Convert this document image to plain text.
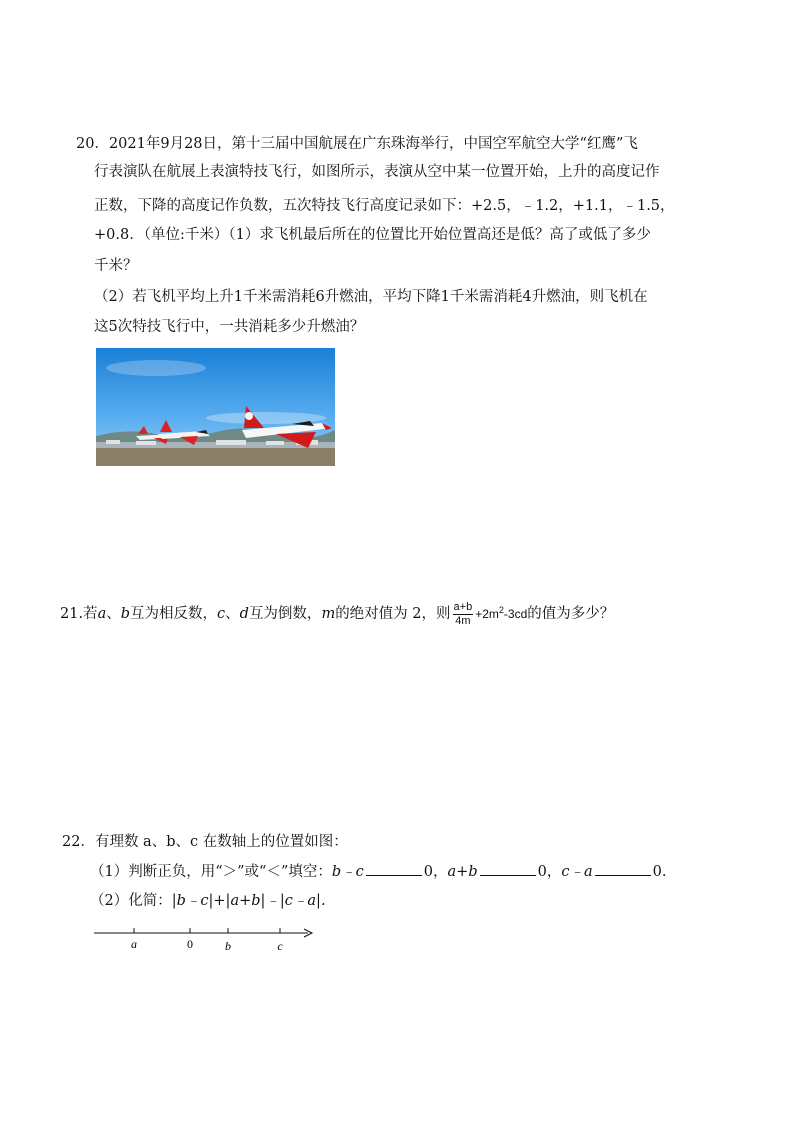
20．2021年9月28日，第十三届中国航展在广东珠海举行，中国空军航空大学“红鹰”飞
行表演队在航展上表演特技飞行，如图所示，表演从空中某一位置开始，上升的高度记作
正数，下降的高度记作负数，五次特技飞行高度记录如下：+2.5，﹣1.2，+1.1，﹣1.5，
+0.8．（单位:千米）（1）求飞机最后所在的位置比开始位置高还是低？高了或低了多少
千米？
（2）若飞机平均上升1千米需消耗6升燃油，平均下降1千米需消耗4升燃油，则飞机在
这5次特技飞行中，一共消耗多少升燃油？
21.若a、b互为相反数，c、d互为倒数，m的绝对值为 2，则 $\frac{a+b}{4m} +2m^2-3cd$的值为多少？
22．有理数 a、b、c 在数轴上的位置如图：
（1）判断正负，用“＞”或“＜”填空：b﹣c	0，a+b	0，c﹣a	0.
（2）化简：|b﹣c|+|a+b|﹣|c﹣a|.
a	0	b	c
